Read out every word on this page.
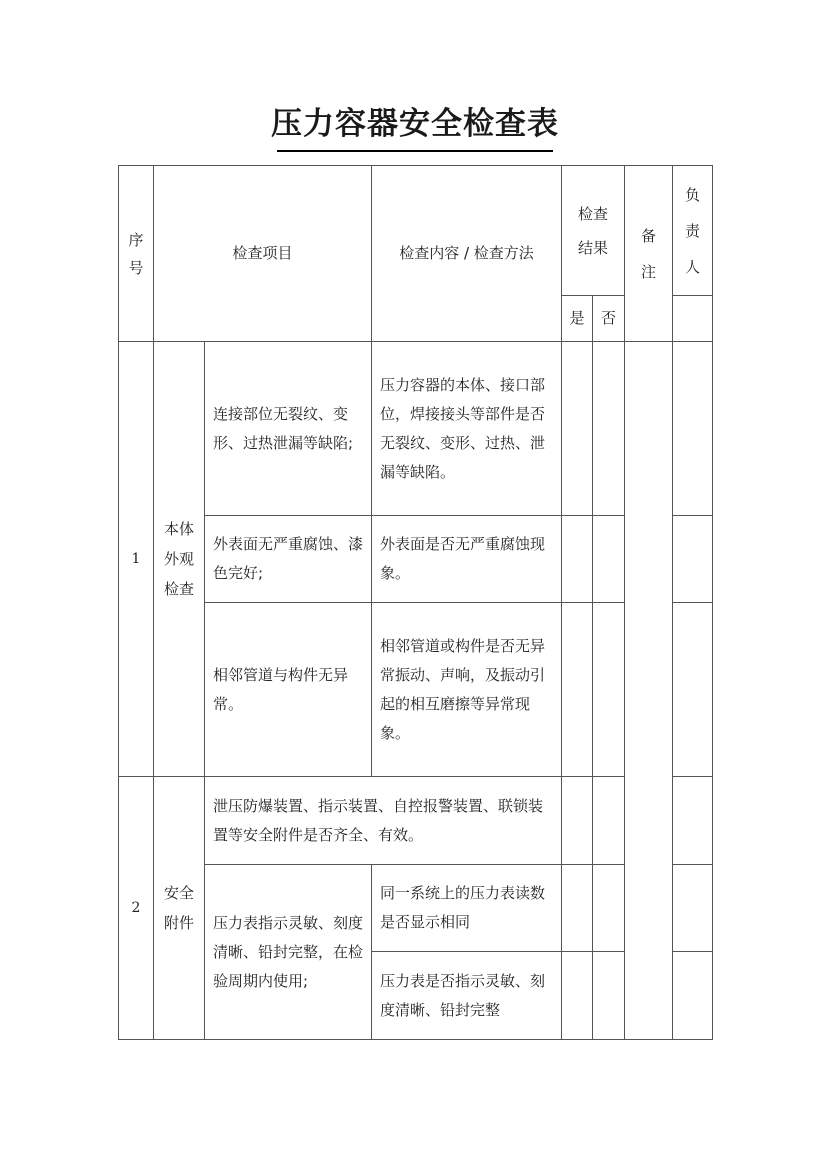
​
压力容器安全检查表
序号	检查项目		检查内容 / 检查方法	检查结果		备注	负责人

				是	否		
1	本体外观检查	连接部位无裂纹、变形、过热泄漏等缺陷;	压力容器的本体、接口部位，焊接接头等部件是否无裂纹、变形、过热、泄漏等缺陷。				
		外表面无严重腐蚀、漆色完好;	外表面是否无严重腐蚀现象。				
		相邻管道与构件无异常。	相邻管道或构件是否无异常振动、声响，及振动引起的相互磨擦等异常现象。				
2	安全附件	泄压防爆装置、指示装置、自控报警装置、联锁装置等安全附件是否齐全、有效。					
		压力表指示灵敏、刻度清晰、铅封完整，在检验周期内使用;	同一系统上的压力表读数是否显示相同				
			压力表是否指示灵敏、刻度清晰、铅封完整				
